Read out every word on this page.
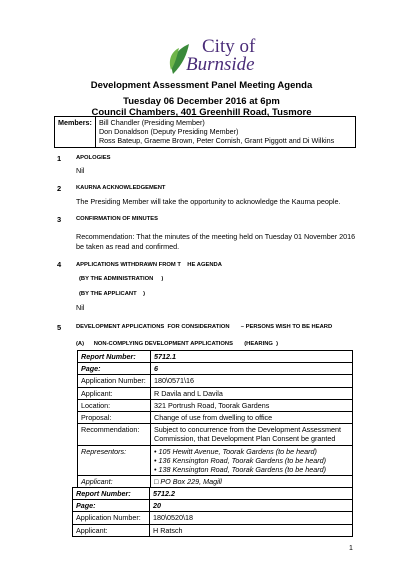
City of
Burnside
Development Assessment Panel Meeting Agenda
Tuesday 06 December 2016 at 6pm
Council Chambers, 401 Greenhill Road, Tusmore
Members:	Bill Chandler (Presiding Member)
Don Donaldson (Deputy Presiding Member)
Ross Bateup, Graeme Brown, Peter Cornish, Grant Piggott and Di Wilkins
1	APOLOGIES
Nil
2	KAURNA ACKNOWLEDGEMENT
The Presiding Member will take the opportunity to acknowledge the Kaurna people.
3	CONFIRMATION OF MINUTES
Recommendation: That the minutes of the meeting held on Tuesday 01 November 2016
be taken as read and confirmed.
4	APPLICATIONS WITHDRAWN FROM T    HE AGENDA
(BY THE ADMINISTRATION     )
(BY THE APPLICANT    )
Nil
5	DEVELOPMENT APPLICATIONS  FOR CONSIDERATION       – PERSONS WISH TO BE HEARD
(A)      NON-COMPLYING DEVELOPMENT APPLICATIONS       (HEARING  )
Report Number:	5712.1
Page:	6
Application Number:	180\0571\16
Applicant:	R Davila and L Davila
Location:	321 Portrush Road, Toorak Gardens
Proposal:	Change of use from dwelling to office
Recommendation:	Subject to concurrence from the Development Assessment
Commission, that Development Plan Consent be granted

Representors:	• 105 Hewitt Avenue, Toorak Gardens (to be heard)
• 136 Kensington Road, Toorak Gardens (to be heard)
• 138 Kensington Road, Toorak Gardens (to be heard)

Applicant:	□ PO Box 229, Magill
Report Number:	5712.2
Page:	20
Application Number:	180\0520\18
Applicant:	H Ratsch
1
